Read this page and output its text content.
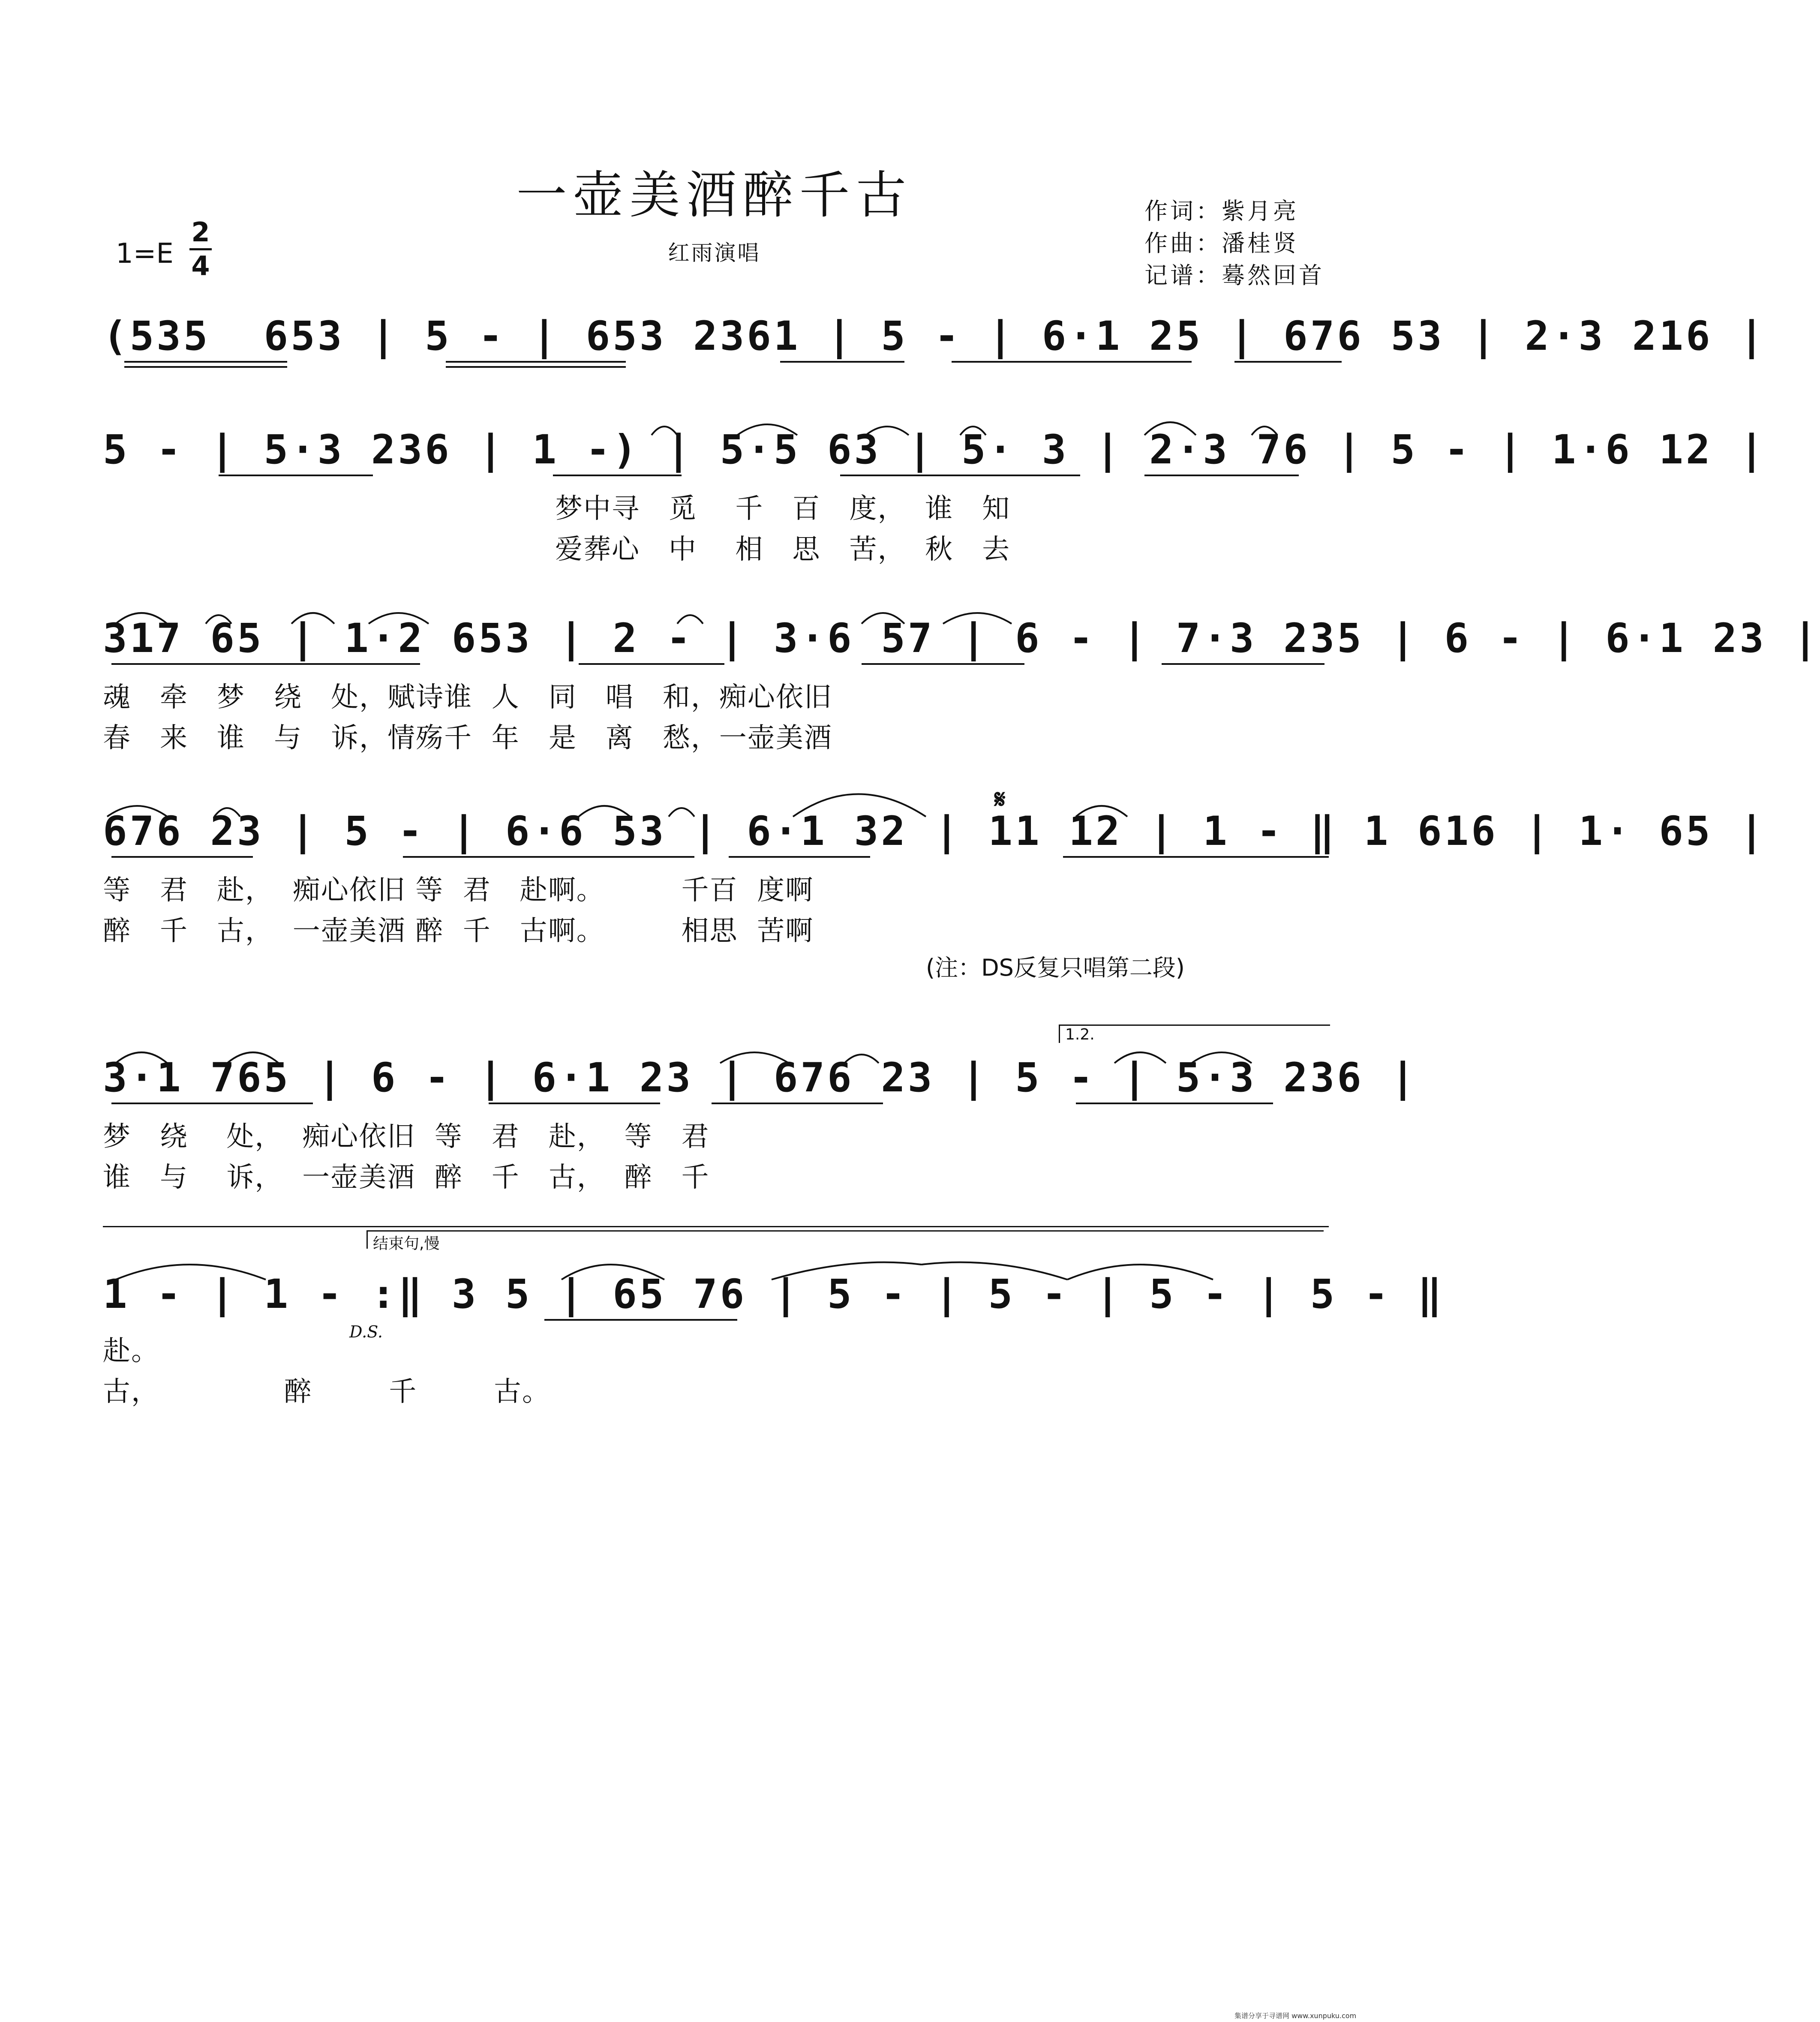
一壶美酒醉千古
红雨演唱
作词：紫月亮
作曲：潘桂贤
记谱：蓦然回首
1=E
2
4
(535  653 | 5 - | 653 2361 | 5 - | 6·1 25 | 676 53 | 2·3 216 |
5 - | 5·3 236 | 1 -) | 5·5 63 | 5· 3 | 2·3 76 | 5 - | 1·6 12 |
梦中寻   觅    千   百   度，  谁   知
爱葬心   中    相   思   苦，  秋   去
317 65 | 1·2 653 | 2 - | 3·6 57 | 6 - | 7·3 235 | 6 - | 6·1 23 |
魂   牵   梦   绕   处，赋诗谁  人   同   唱   和，痴心依旧
春   来   谁   与   诉，情殇千  年   是   离   愁，一壶美酒
676 23 | 5 - | 6·6 53 | 6·1 32 | 11 12 | 1 - ‖ 1 616 | 1· 65 |
𝄋
等   君   赴，  痴心依旧 等  君   赴啊。        千百  度啊
醉   千   古，  一壶美酒 醉  千   古啊。        相思  苦啊
(注：DS反复只唱第二段)
1.2.
3·1 765 | 6 - | 6·1 23 | 676 23 | 5 - | 5·3 236 |
梦   绕    处，  痴心依旧  等   君   赴，  等   君
谁   与    诉，  一壶美酒  醉   千   古，  醉   千
结束句,慢
1 - | 1 - :‖ 3 5 | 65 76 | 5 - | 5 - | 5 - | 5 - ‖
D.S.
赴。
古，             醉        千        古。
集谱分享于寻谱网 www.xunpuku.com
